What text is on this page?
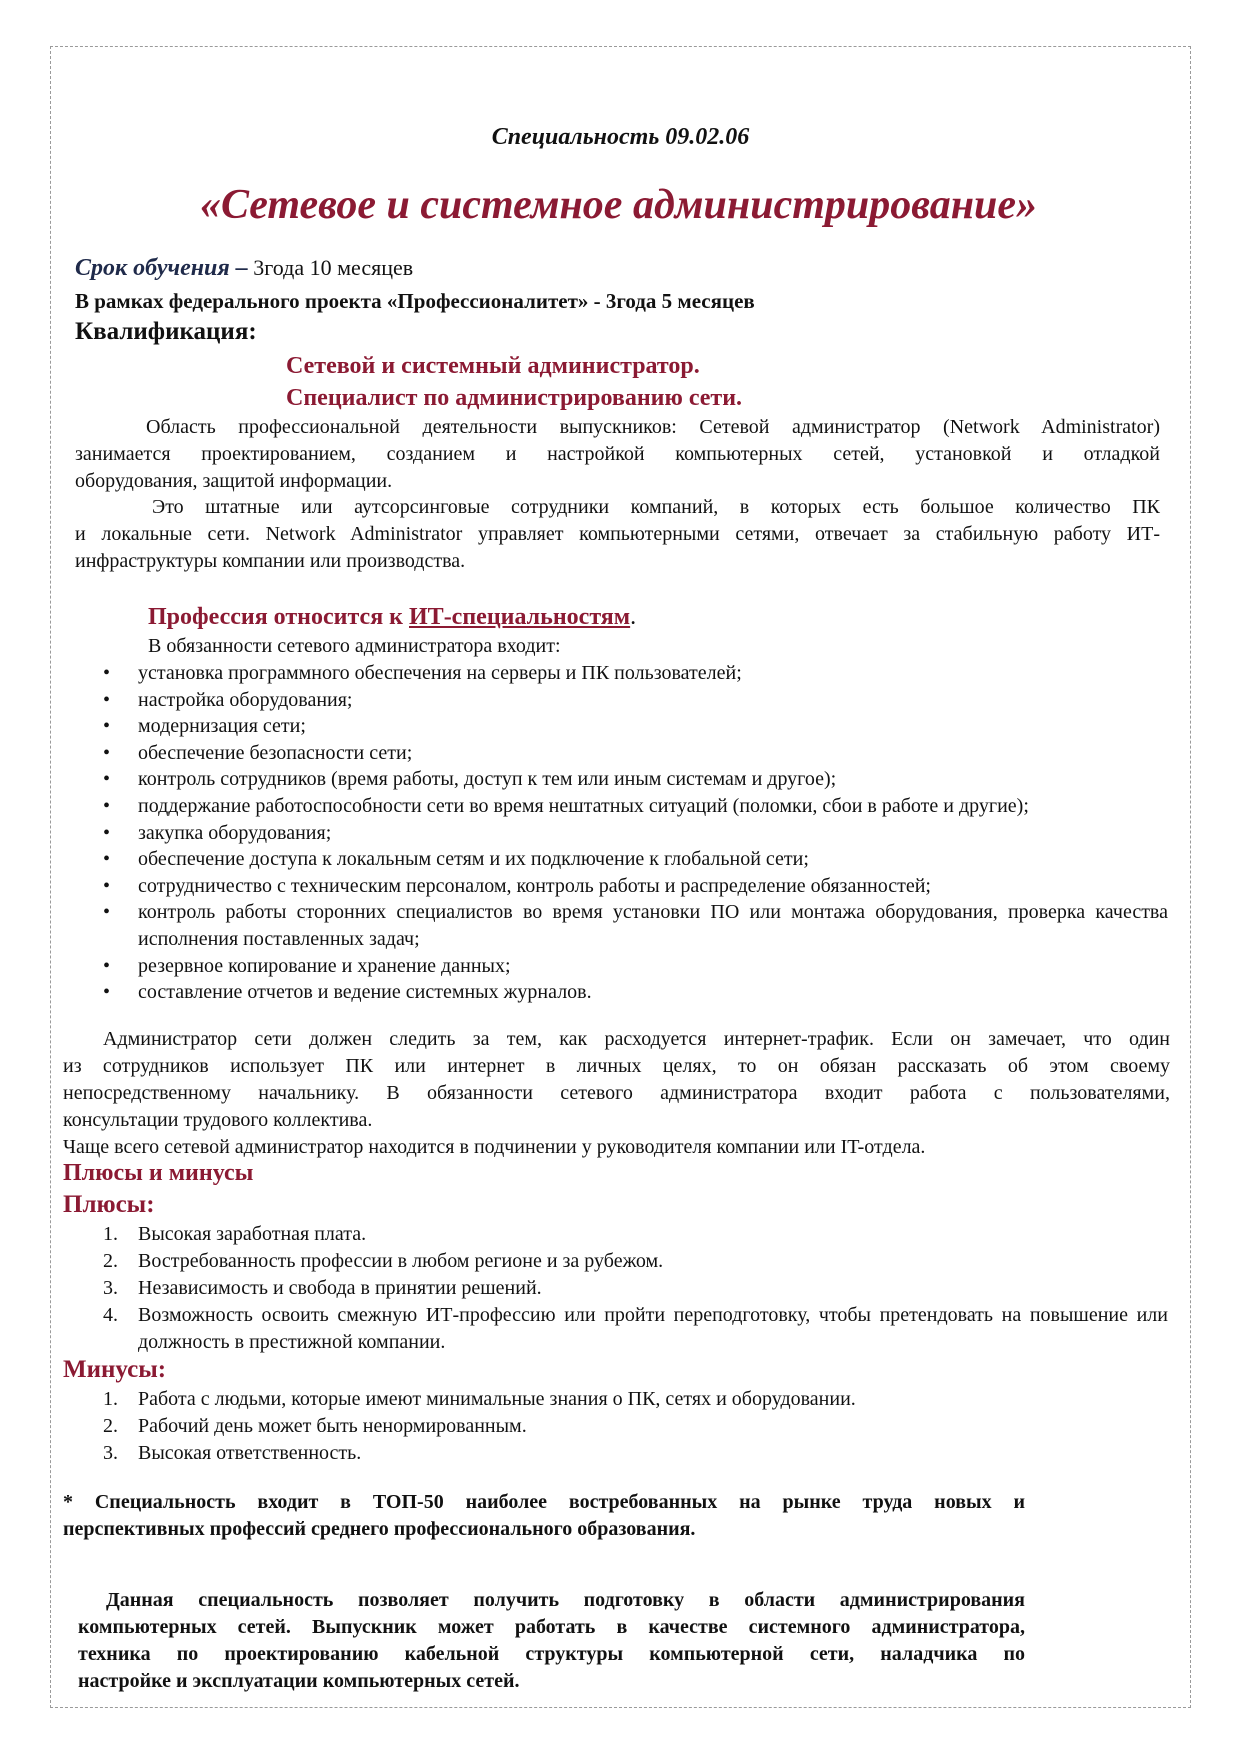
Специальность 09.02.06
«Сетевое и системное администрирование»
Срок обучения – 3года 10 месяцев
В рамках федерального проекта «Профессионалитет» - 3года 5 месяцев
Квалификация:
Сетевой и системный администратор.
Специалист по администрированию сети.
Область профессиональной деятельности выпускников: Сетевой администратор (Network Administrator)
занимается проектированием, созданием и настройкой компьютерных сетей, установкой и отладкой
оборудования, защитой информации.
Это штатные или аутсорсинговые сотрудники компаний, в которых есть большое количество ПК
и локальные сети. Network Administrator управляет компьютерными сетями, отвечает за стабильную работу ИТ-
инфраструктуры компании или производства.
Профессия относится к ИТ-специальностям.
В обязанности сетевого администратора входит:
• установка программного обеспечения на серверы и ПК пользователей;
• настройка оборудования;
• модернизация сети;
• обеспечение безопасности сети;
• контроль сотрудников (время работы, доступ к тем или иным системам и другое);
• поддержание работоспособности сети во время нештатных ситуаций (поломки, сбои в работе и другие);
• закупка оборудования;
• обеспечение доступа к локальным сетям и их подключение к глобальной сети;
• сотрудничество с техническим персоналом, контроль работы и распределение обязанностей;
• контроль работы сторонних специалистов во время установки ПО или монтажа оборудования, проверка качества исполнения поставленных задач;
• резервное копирование и хранение данных;
• составление отчетов и ведение системных журналов.
Администратор сети должен следить за тем, как расходуется интернет-трафик. Если он замечает, что один
из сотрудников использует ПК или интернет в личных целях, то он обязан рассказать об этом своему
непосредственному начальнику. В обязанности сетевого администратора входит работа с пользователями,
консультации трудового коллектива.
Чаще всего сетевой администратор находится в подчинении у руководителя компании или IT-отдела.
Плюсы и минусы
Плюсы:
1. Высокая заработная плата.
2. Востребованность профессии в любом регионе и за рубежом.
3. Независимость и свобода в принятии решений.
4. Возможность освоить смежную ИТ-профессию или пройти переподготовку, чтобы претендовать на повышение или должность в престижной компании.
Минусы:
1. Работа с людьми, которые имеют минимальные знания о ПК, сетях и оборудовании.
2. Рабочий день может быть ненормированным.
3. Высокая ответственность.
* Специальность входит в ТОП-50 наиболее востребованных на рынке труда новых и
перспективных профессий среднего профессионального образования.
Данная специальность позволяет получить подготовку в области администрирования
компьютерных сетей. Выпускник может работать в качестве системного администратора,
техника по проектированию кабельной структуры компьютерной сети, наладчика по
настройке и эксплуатации компьютерных сетей.
